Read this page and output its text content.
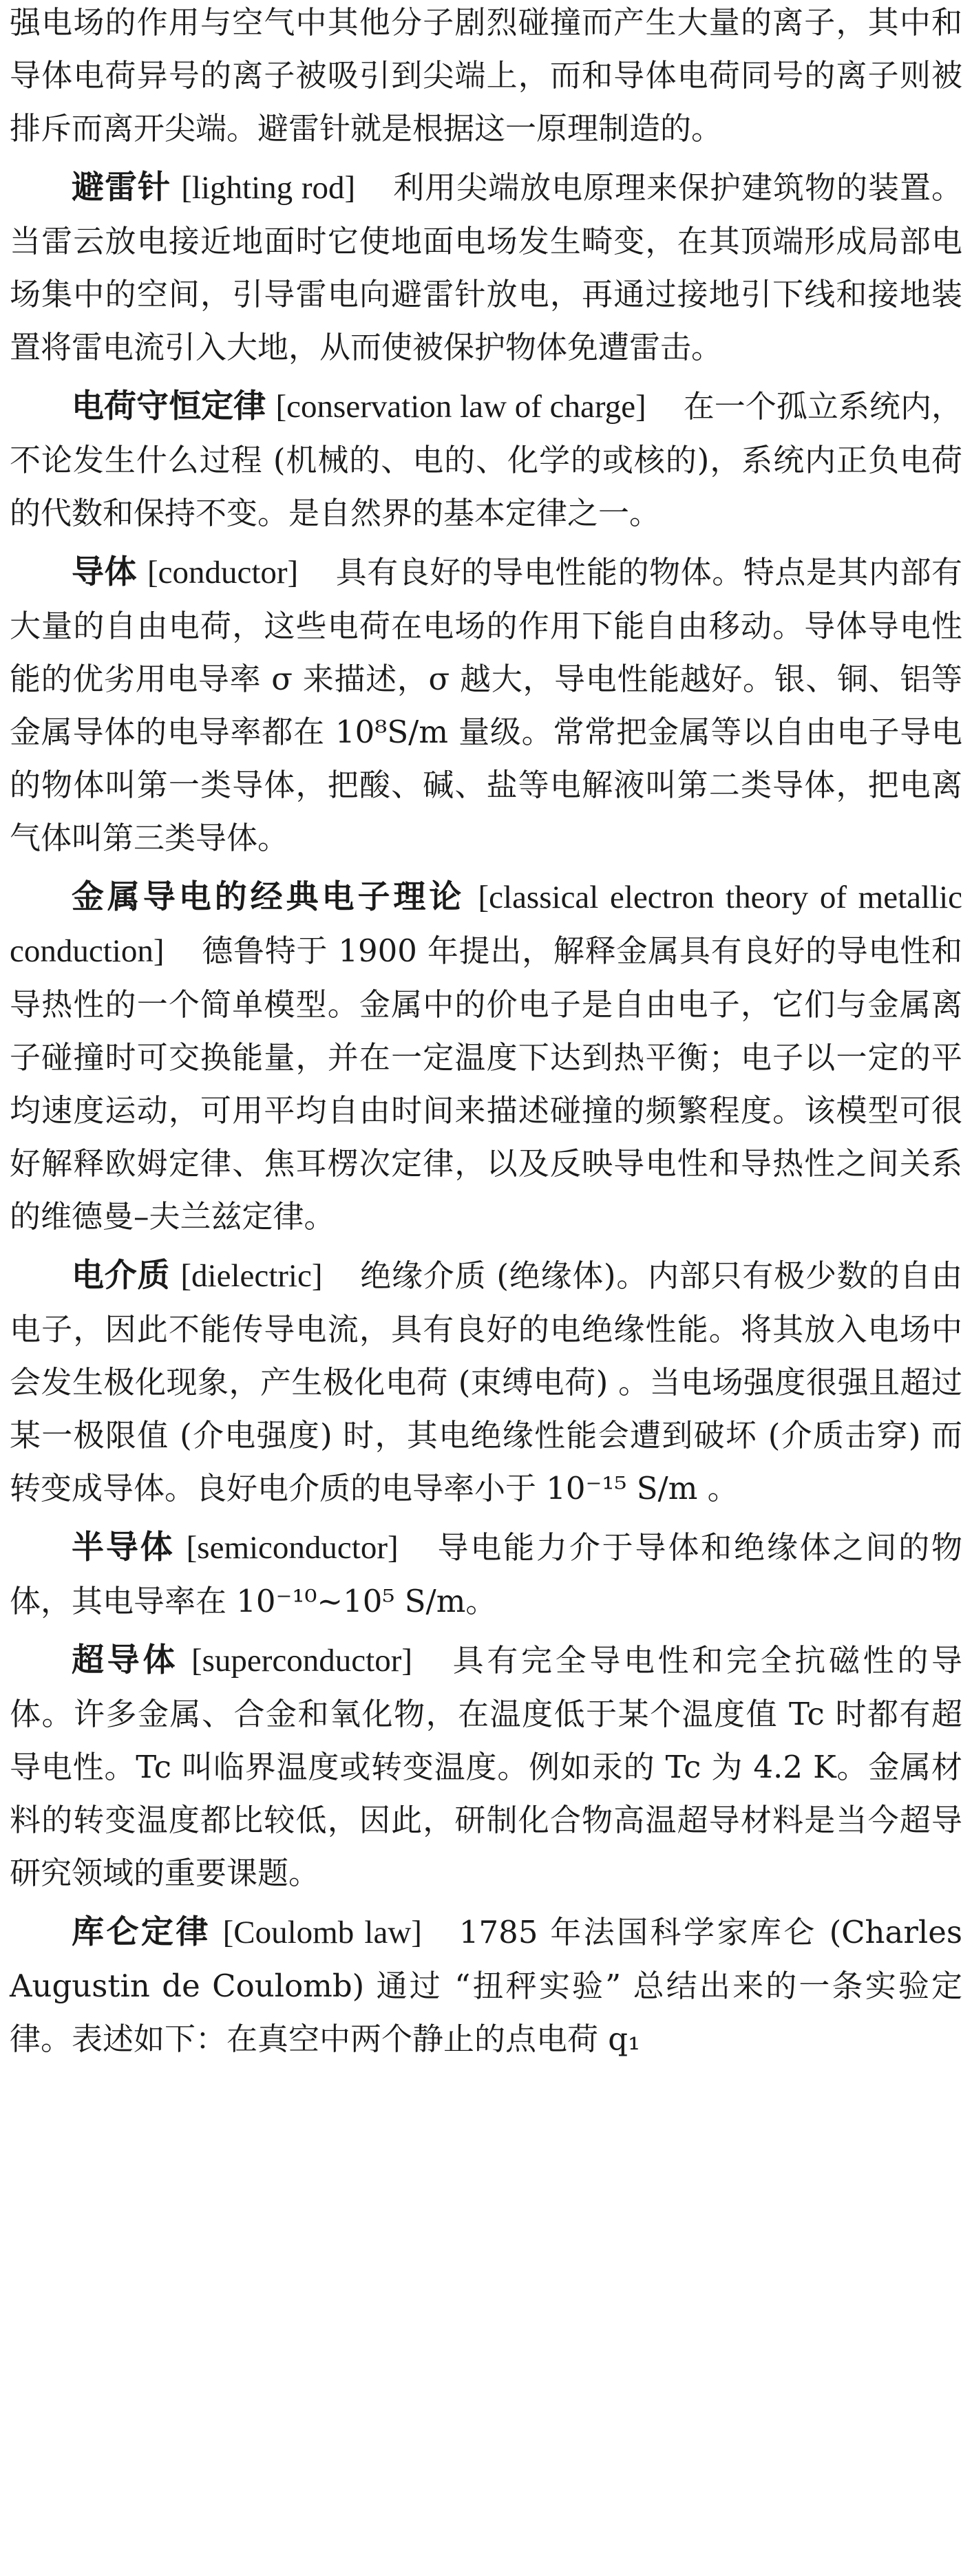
强电场的作用与空气中其他分子剧烈碰撞而产生大量的离子，其中和导体电荷异号的离子被吸引到尖端上，而和导体电荷同号的离子则被排斥而离开尖端。避雷针就是根据这一原理制造的。

避雷针 [lighting rod] 利用尖端放电原理来保护建筑物的装置。当雷云放电接近地面时它使地面电场发生畸变，在其顶端形成局部电场集中的空间，引导雷电向避雷针放电，再通过接地引下线和接地装置将雷电流引入大地，从而使被保护物体免遭雷击。

电荷守恒定律 [conservation law of charge] 在一个孤立系统内，不论发生什么过程 (机械的、电的、化学的或核的)，系统内正负电荷的代数和保持不变。是自然界的基本定律之一。

导体 [conductor] 具有良好的导电性能的物体。特点是其内部有大量的自由电荷，这些电荷在电场的作用下能自由移动。导体导电性能的优劣用电导率 σ 来描述，σ 越大，导电性能越好。银、铜、铝等金属导体的电导率都在 10⁸S/m 量级。常常把金属等以自由电子导电的物体叫第一类导体，把酸、碱、盐等电解液叫第二类导体，把电离气体叫第三类导体。

金属导电的经典电子理论 [classical electron theory of metallic conduction] 德鲁特于 1900 年提出，解释金属具有良好的导电性和导热性的一个简单模型。金属中的价电子是自由电子，它们与金属离子碰撞时可交换能量，并在一定温度下达到热平衡；电子以一定的平均速度运动，可用平均自由时间来描述碰撞的频繁程度。该模型可很好解释欧姆定律、焦耳楞次定律，以及反映导电性和导热性之间关系的维德曼–夫兰兹定律。

电介质 [dielectric] 绝缘介质 (绝缘体)。内部只有极少数的自由电子，因此不能传导电流，具有良好的电绝缘性能。将其放入电场中会发生极化现象，产生极化电荷 (束缚电荷) 。当电场强度很强且超过某一极限值 (介电强度) 时，其电绝缘性能会遭到破坏 (介质击穿) 而转变成导体。良好电介质的电导率小于 10⁻¹⁵ S/m 。

半导体 [semiconductor] 导电能力介于导体和绝缘体之间的物体，其电导率在 10⁻¹⁰~10⁵ S/m。

超导体 [superconductor] 具有完全导电性和完全抗磁性的导体。许多金属、合金和氧化物，在温度低于某个温度值 Tc 时都有超导电性。Tc 叫临界温度或转变温度。例如汞的 Tc 为 4.2 K。金属材料的转变温度都比较低，因此，研制化合物高温超导材料是当今超导研究领域的重要课题。

库仑定律 [Coulomb law] 1785 年法国科学家库仑 (Charles Augustin de Coulomb) 通过 “扭秤实验” 总结出来的一条实验定律。表述如下：在真空中两个静止的点电荷 q₁
